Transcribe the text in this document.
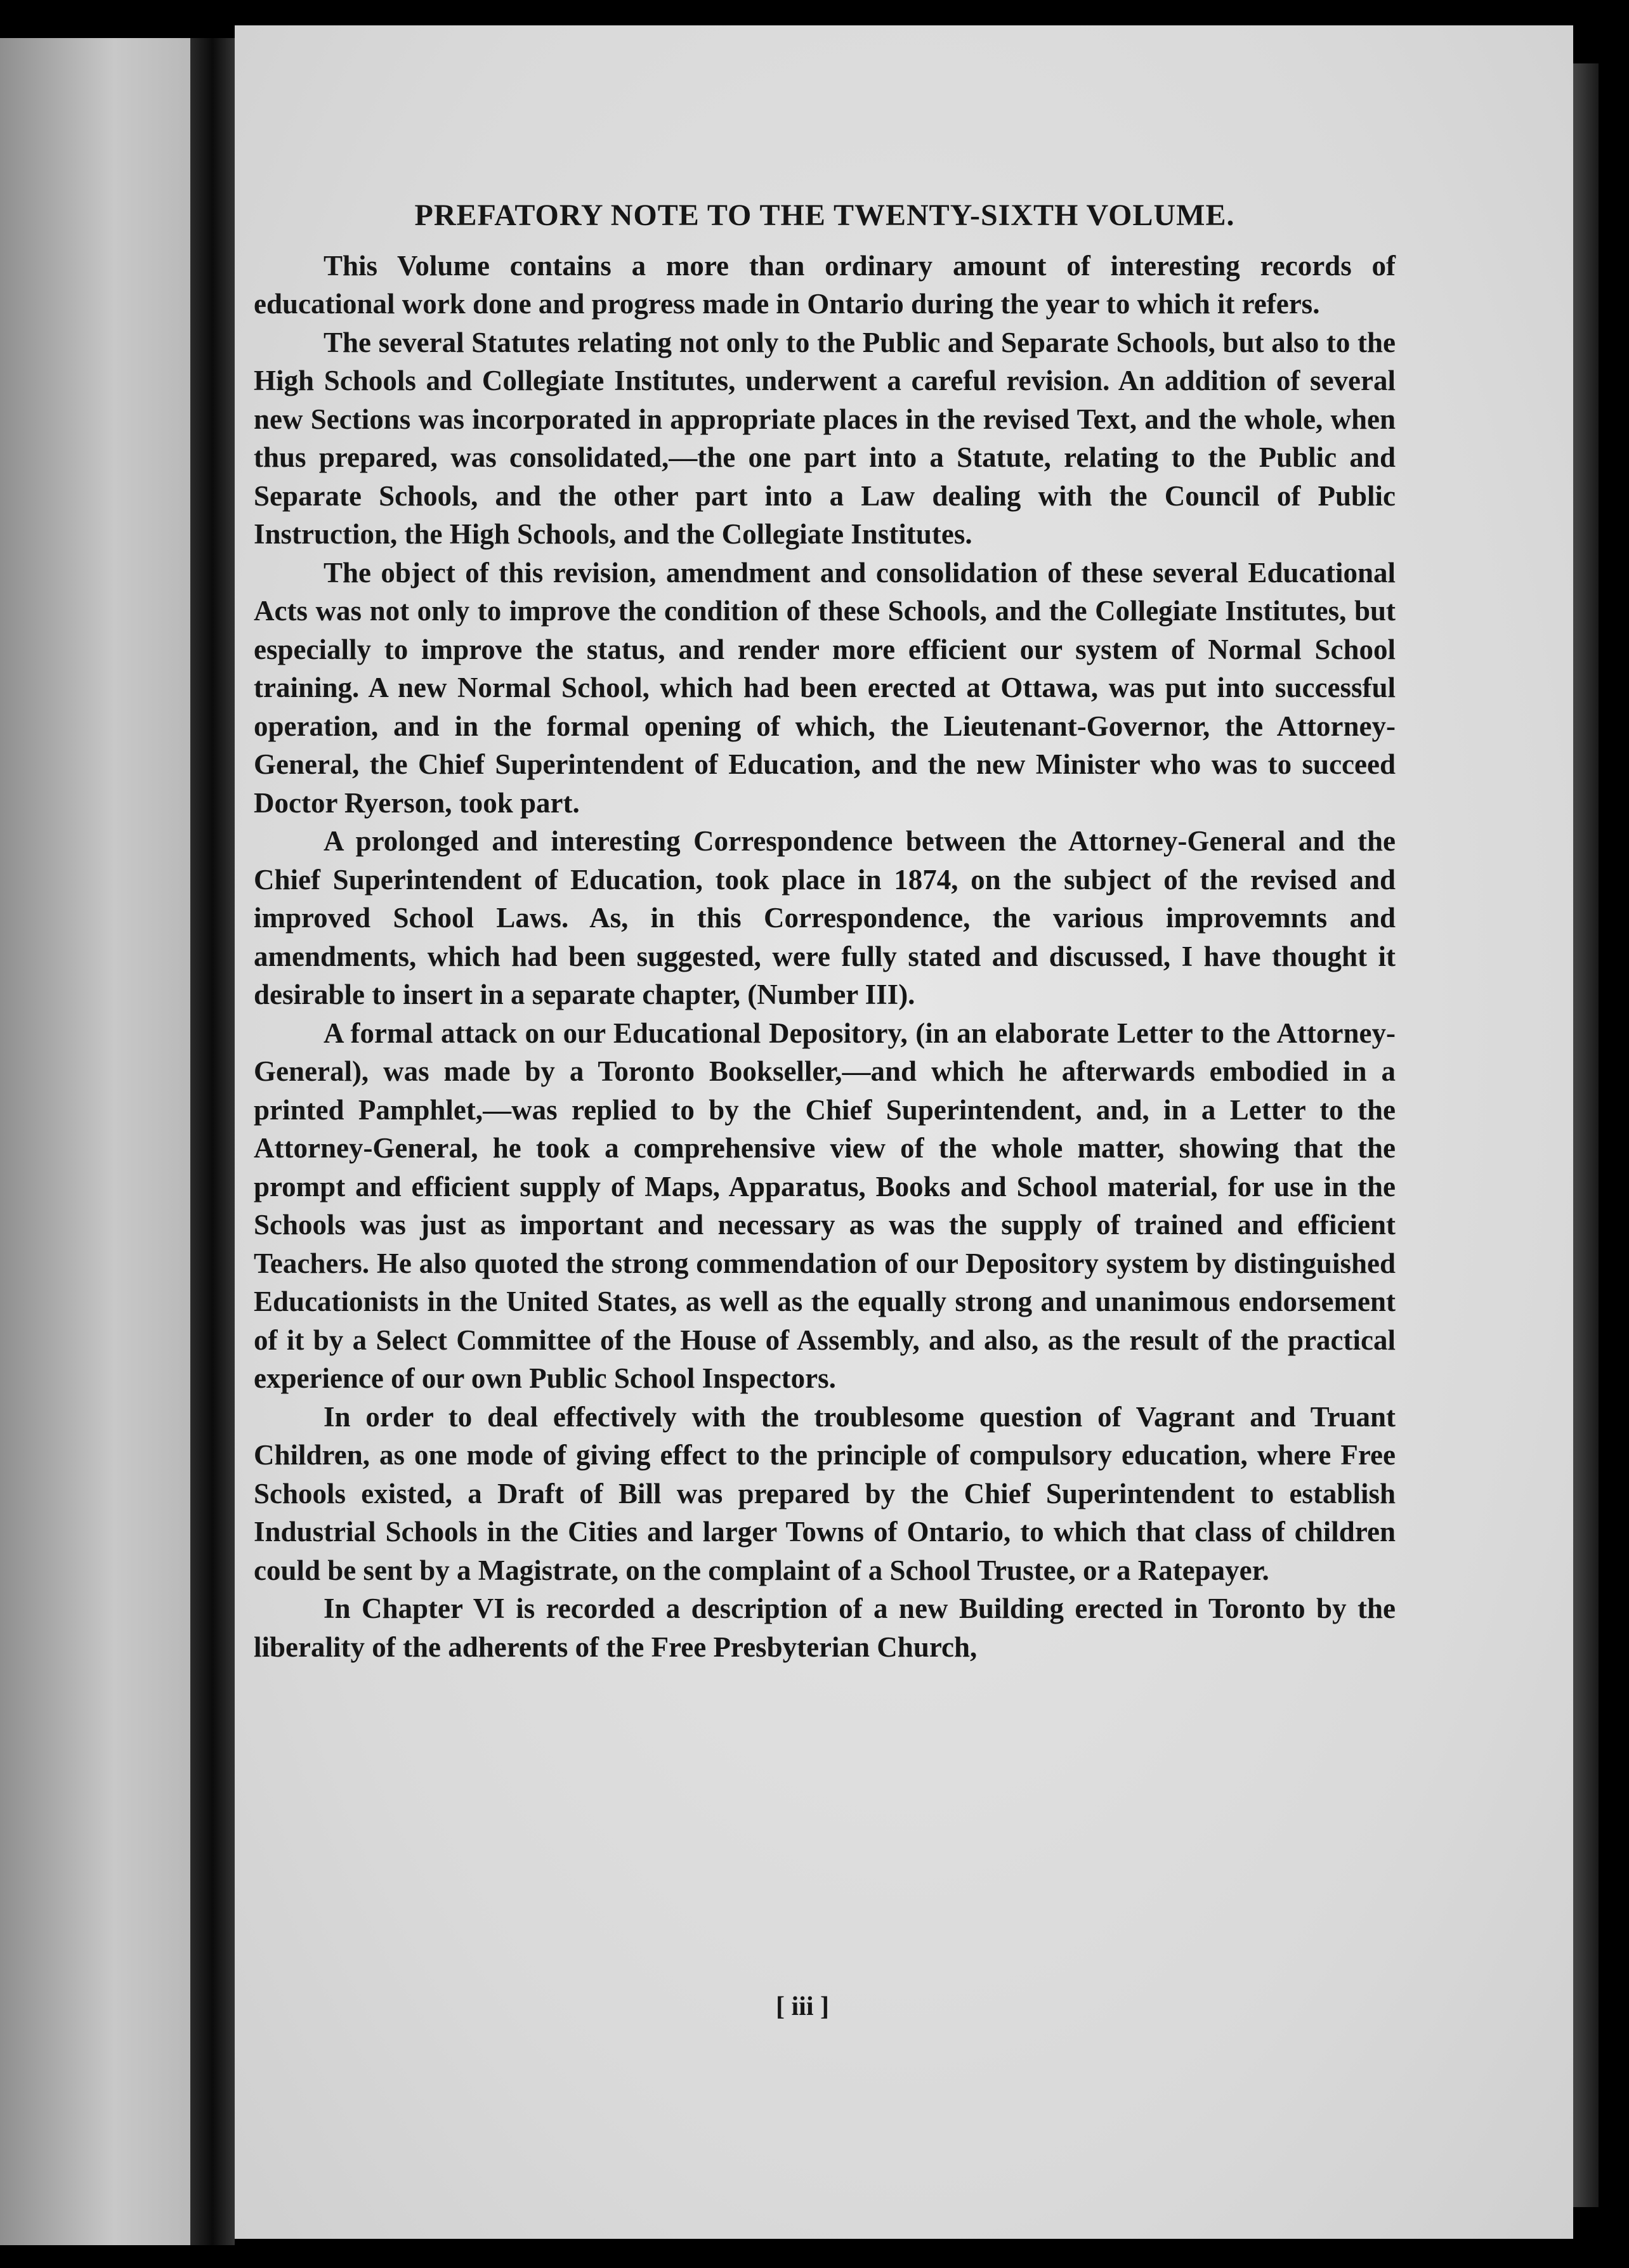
PREFATORY NOTE TO THE TWENTY-SIXTH VOLUME.

This Volume contains a more than ordinary amount of interesting records of educational work done and progress made in Ontario during the year to which it refers.

The several Statutes relating not only to the Public and Separate Schools, but also to the High Schools and Collegiate Institutes, underwent a careful revision. An addition of several new Sections was incorporated in appropriate places in the revised Text, and the whole, when thus prepared, was consolidated,—the one part into a Statute, relating to the Public and Separate Schools, and the other part into a Law dealing with the Council of Public Instruction, the High Schools, and the Collegiate Institutes.

The object of this revision, amendment and consolidation of these several Educational Acts was not only to improve the condition of these Schools, and the Collegiate Institutes, but especially to improve the status, and render more efficient our system of Normal School training. A new Normal School, which had been erected at Ottawa, was put into successful operation, and in the formal opening of which, the Lieutenant-Governor, the Attorney-General, the Chief Superintendent of Education, and the new Minister who was to succeed Doctor Ryerson, took part.

A prolonged and interesting Correspondence between the Attorney-General and the Chief Superintendent of Education, took place in 1874, on the subject of the revised and improved School Laws. As, in this Correspondence, the various improvemnts and amendments, which had been suggested, were fully stated and discussed, I have thought it desirable to insert in a separate chapter, (Number III).

A formal attack on our Educational Depository, (in an elaborate Letter to the Attorney-General), was made by a Toronto Bookseller,—and which he afterwards embodied in a printed Pamphlet,—was replied to by the Chief Superintendent, and, in a Letter to the Attorney-General, he took a comprehensive view of the whole matter, showing that the prompt and efficient supply of Maps, Apparatus, Books and School material, for use in the Schools was just as important and necessary as was the supply of trained and efficient Teachers. He also quoted the strong commendation of our Depository system by distinguished Educationists in the United States, as well as the equally strong and unanimous endorsement of it by a Select Committee of the House of Assembly, and also, as the result of the practical experience of our own Public School Inspectors.

In order to deal effectively with the troublesome question of Vagrant and Truant Children, as one mode of giving effect to the principle of compulsory education, where Free Schools existed, a Draft of Bill was prepared by the Chief Superintendent to establish Industrial Schools in the Cities and larger Towns of Ontario, to which that class of children could be sent by a Magistrate, on the complaint of a School Trustee, or a Ratepayer.

In Chapter VI is recorded a description of a new Building erected in Toronto by the liberality of the adherents of the Free Presbyterian Church,

[ iii ]
